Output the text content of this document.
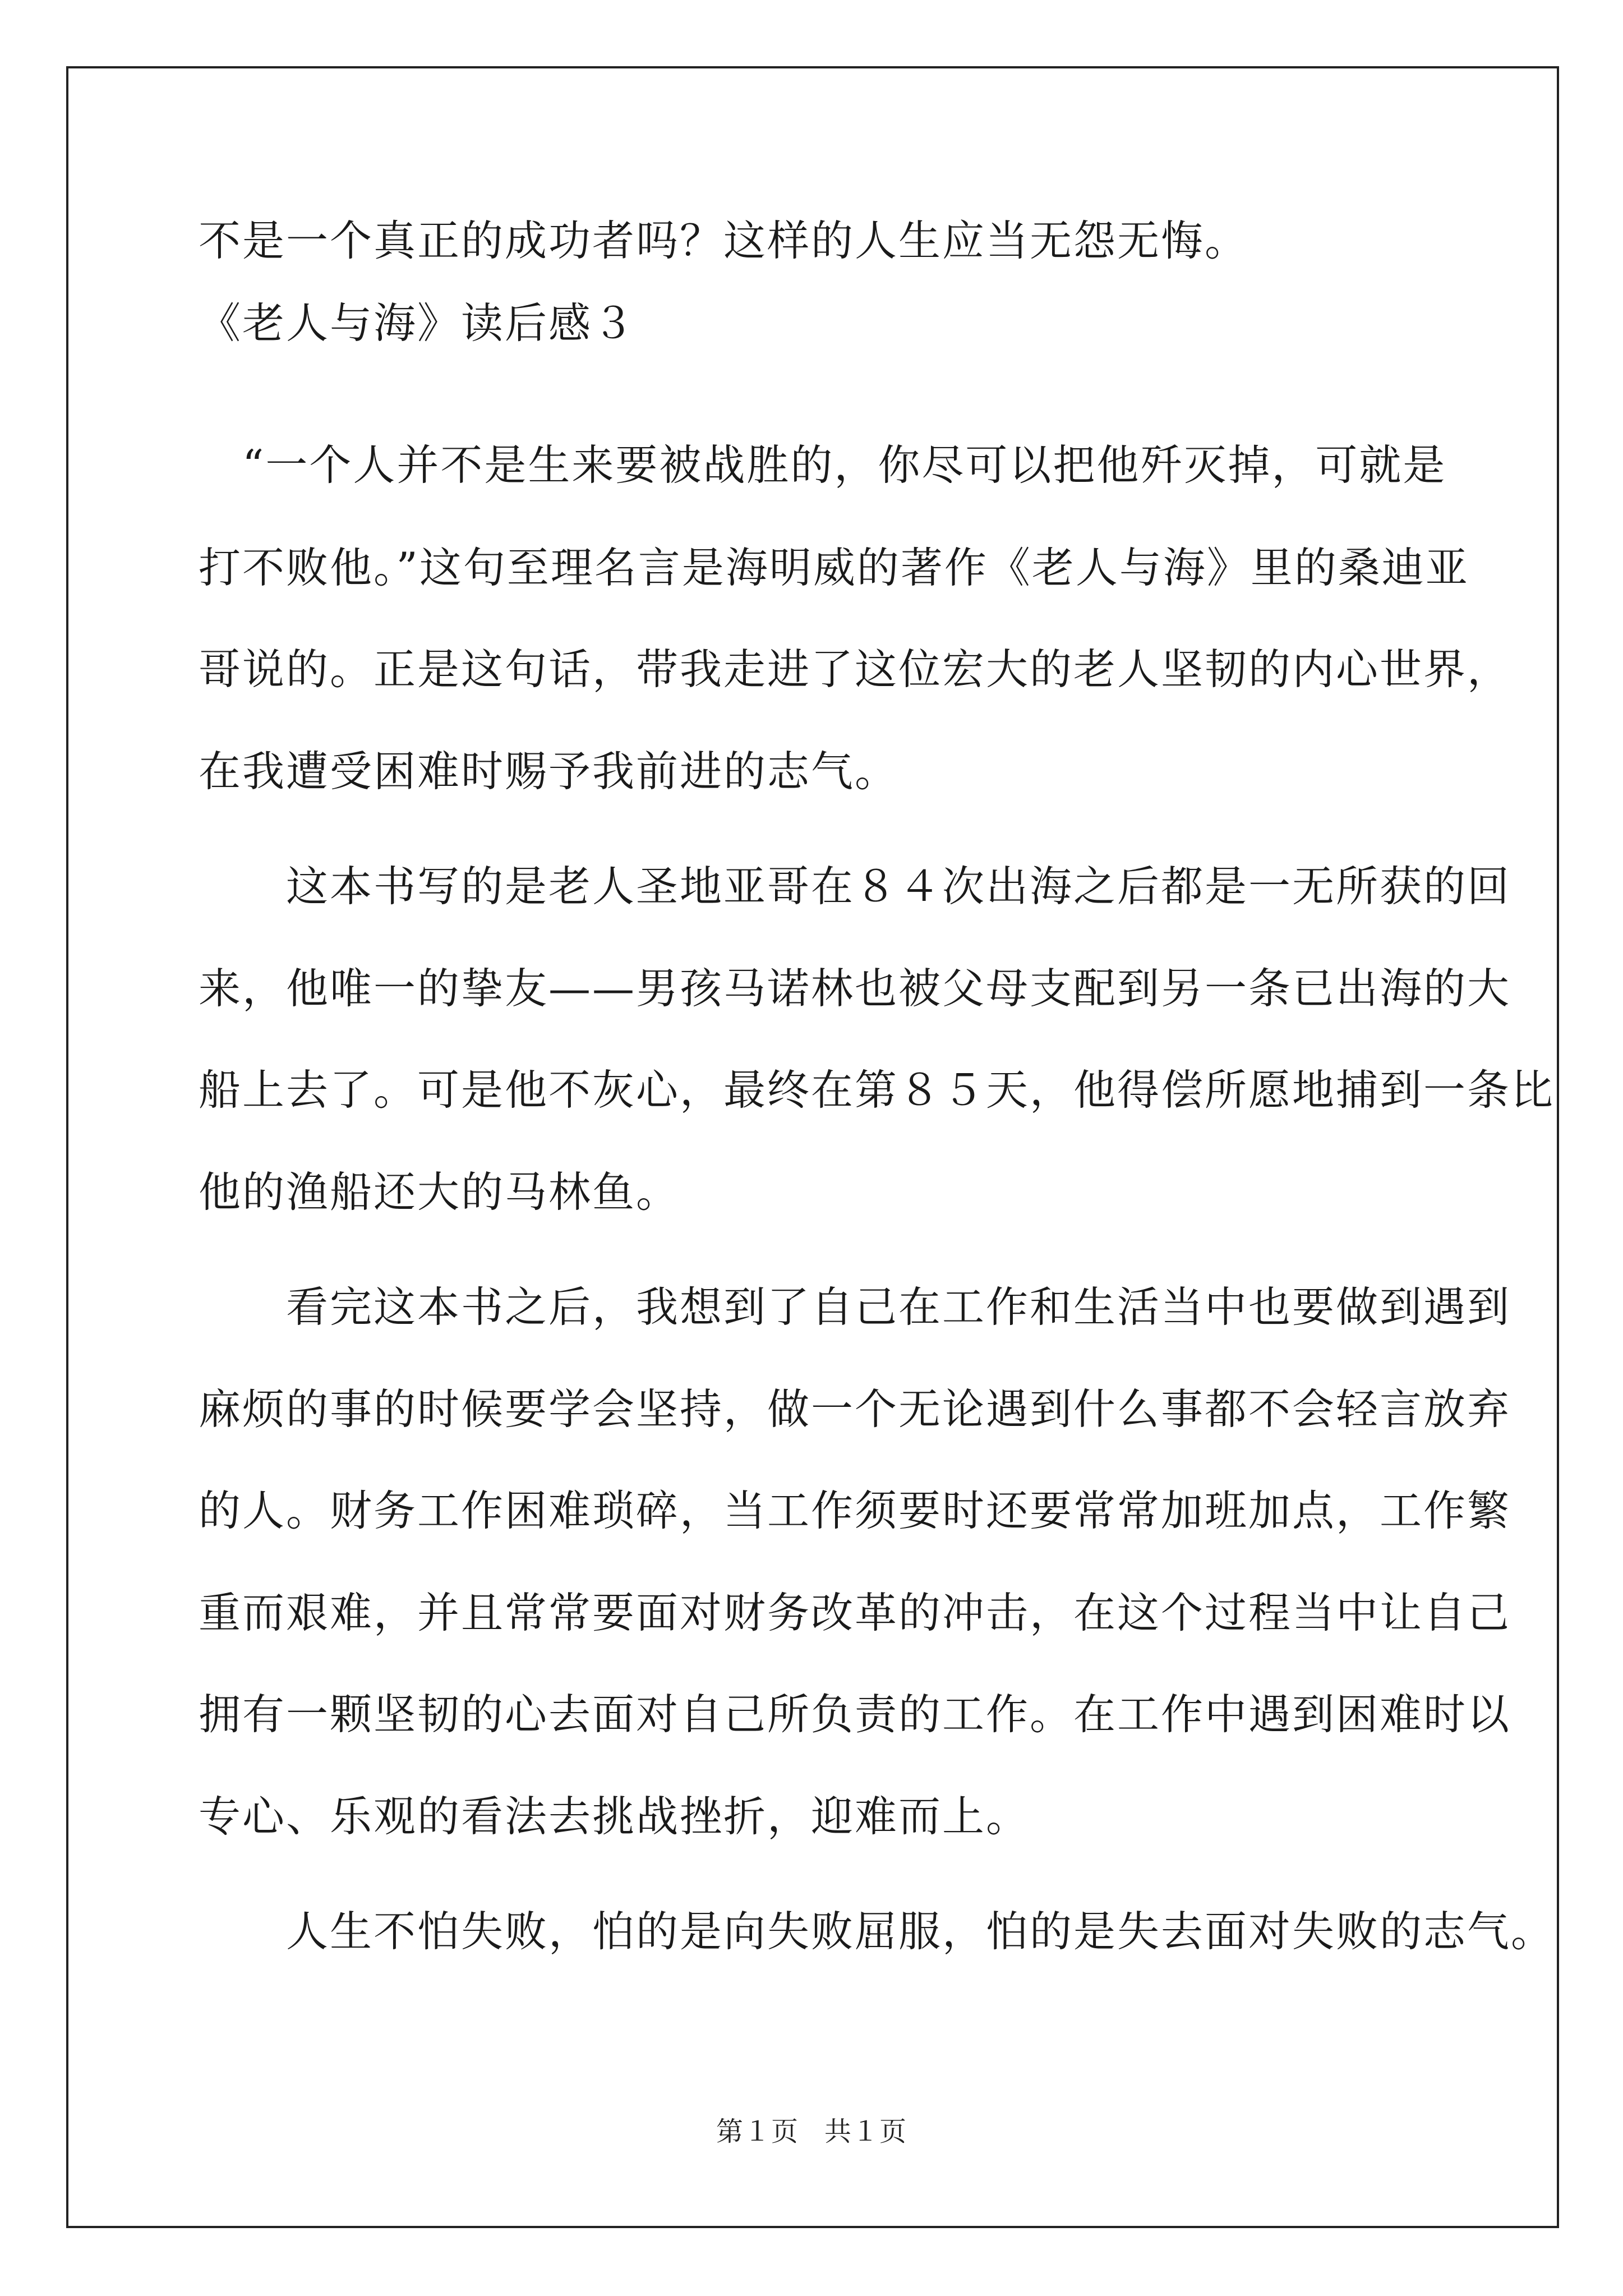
不是一个真正的成功者吗？这样的人生应当无怨无悔。
《老人与海》读后感３
　“一个人并不是生来要被战胜的，你尽可以把他歼灭掉，可就是
打不败他。”这句至理名言是海明威的著作《老人与海》里的桑迪亚
哥说的。正是这句话，带我走进了这位宏大的老人坚韧的内心世界，
在我遭受困难时赐予我前进的志气。
　　这本书写的是老人圣地亚哥在８４次出海之后都是一无所获的回
来，他唯一的挚友——男孩马诺林也被父母支配到另一条已出海的大
船上去了。可是他不灰心，最终在第８５天，他得偿所愿地捕到一条比
他的渔船还大的马林鱼。
　　看完这本书之后，我想到了自己在工作和生活当中也要做到遇到
麻烦的事的时候要学会坚持，做一个无论遇到什么事都不会轻言放弃
的人。财务工作困难琐碎，当工作须要时还要常常加班加点，工作繁
重而艰难，并且常常要面对财务改革的冲击，在这个过程当中让自己
拥有一颗坚韧的心去面对自己所负责的工作。在工作中遇到困难时以
专心、乐观的看法去挑战挫折，迎难而上。
　　人生不怕失败，怕的是向失败屈服，怕的是失去面对失败的志气。
第１页 共１页
